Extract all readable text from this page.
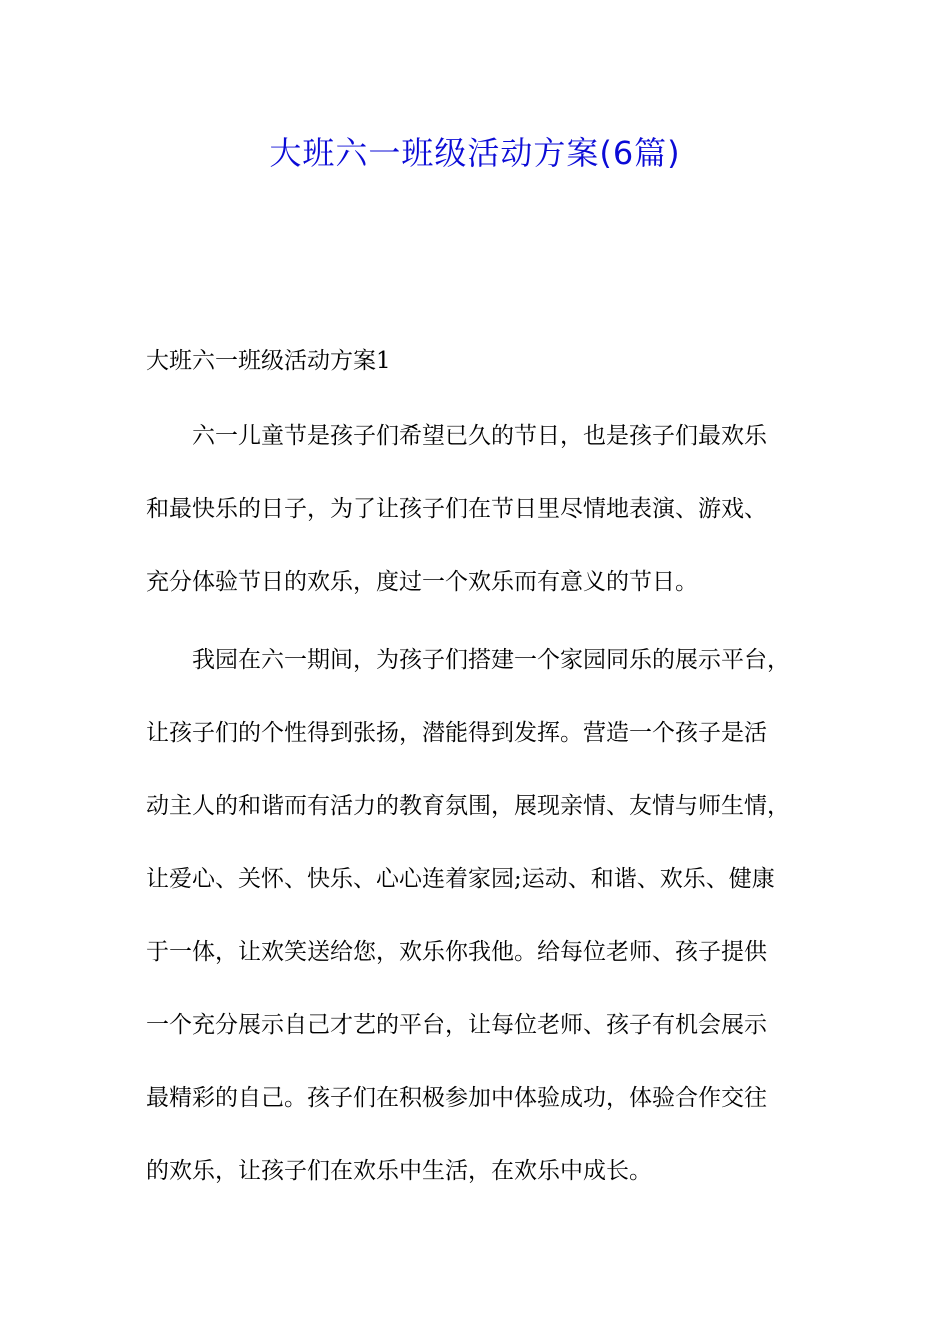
大班六一班级活动方案(6篇)
大班六一班级活动方案1
六一儿童节是孩子们希望已久的节日，也是孩子们最欢乐
和最快乐的日子，为了让孩子们在节日里尽情地表演、游戏、
充分体验节日的欢乐，度过一个欢乐而有意义的节日。
我园在六一期间，为孩子们搭建一个家园同乐的展示平台，
让孩子们的个性得到张扬，潜能得到发挥。营造一个孩子是活
动主人的和谐而有活力的教育氛围，展现亲情、友情与师生情，
让爱心、关怀、快乐、心心连着家园;运动、和谐、欢乐、健康
于一体，让欢笑送给您，欢乐你我他。给每位老师、孩子提供
一个充分展示自己才艺的平台，让每位老师、孩子有机会展示
最精彩的自己。孩子们在积极参加中体验成功，体验合作交往
的欢乐，让孩子们在欢乐中生活，在欢乐中成长。
